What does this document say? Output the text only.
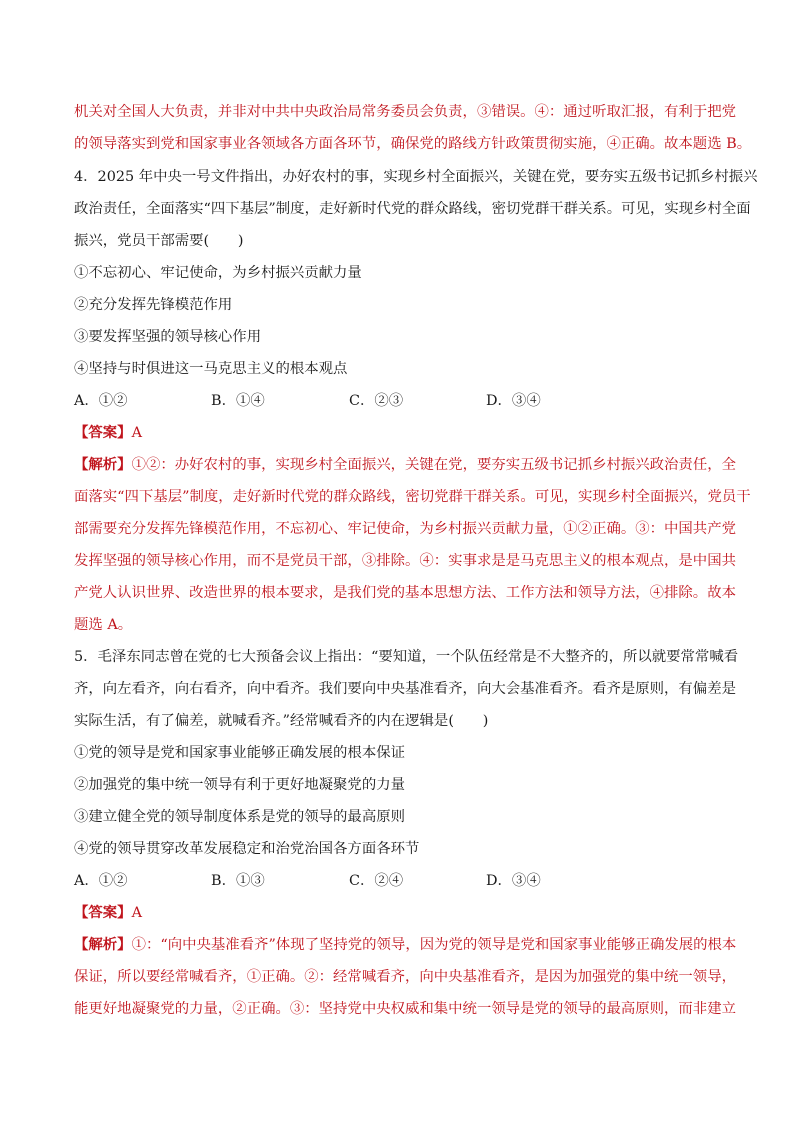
机关对全国人大负责，并非对中共中央政治局常务委员会负责，③错误。④：通过听取汇报，有利于把党
的领导落实到党和国家事业各领域各方面各环节，确保党的路线方针政策贯彻实施，④正确。故本题选 B。
4．2025 年中央一号文件指出，办好农村的事，实现乡村全面振兴，关键在党，要夯实五级书记抓乡村振兴
政治责任，全面落实“四下基层”制度，走好新时代党的群众路线，密切党群干群关系。可见，实现乡村全面
振兴，党员干部需要(　　)
①不忘初心、牢记使命，为乡村振兴贡献力量
②充分发挥先锋模范作用
③要发挥坚强的领导核心作用
④坚持与时俱进这一马克思主义的根本观点
A．①②	B．①④	C．②③	D．③④
【答案】A
【解析】①②：办好农村的事，实现乡村全面振兴，关键在党，要夯实五级书记抓乡村振兴政治责任，全
面落实“四下基层”制度，走好新时代党的群众路线，密切党群干群关系。可见，实现乡村全面振兴，党员干
部需要充分发挥先锋模范作用，不忘初心、牢记使命，为乡村振兴贡献力量，①②正确。③：中国共产党
发挥坚强的领导核心作用，而不是党员干部，③排除。④：实事求是是马克思主义的根本观点，是中国共
产党人认识世界、改造世界的根本要求，是我们党的基本思想方法、工作方法和领导方法，④排除。故本
题选 A。
5．毛泽东同志曾在党的七大预备会议上指出：“要知道，一个队伍经常是不大整齐的，所以就要常常喊看
齐，向左看齐，向右看齐，向中看齐。我们要向中央基准看齐，向大会基准看齐。看齐是原则，有偏差是
实际生活，有了偏差，就喊看齐。”经常喊看齐的内在逻辑是(　　)
①党的领导是党和国家事业能够正确发展的根本保证
②加强党的集中统一领导有利于更好地凝聚党的力量
③建立健全党的领导制度体系是党的领导的最高原则
④党的领导贯穿改革发展稳定和治党治国各方面各环节
A．①②	B．①③	C．②④	D．③④
【答案】A
【解析】①：“向中央基准看齐”体现了坚持党的领导，因为党的领导是党和国家事业能够正确发展的根本
保证，所以要经常喊看齐，①正确。②：经常喊看齐，向中央基准看齐，是因为加强党的集中统一领导，
能更好地凝聚党的力量，②正确。③：坚持党中央权威和集中统一领导是党的领导的最高原则，而非建立
